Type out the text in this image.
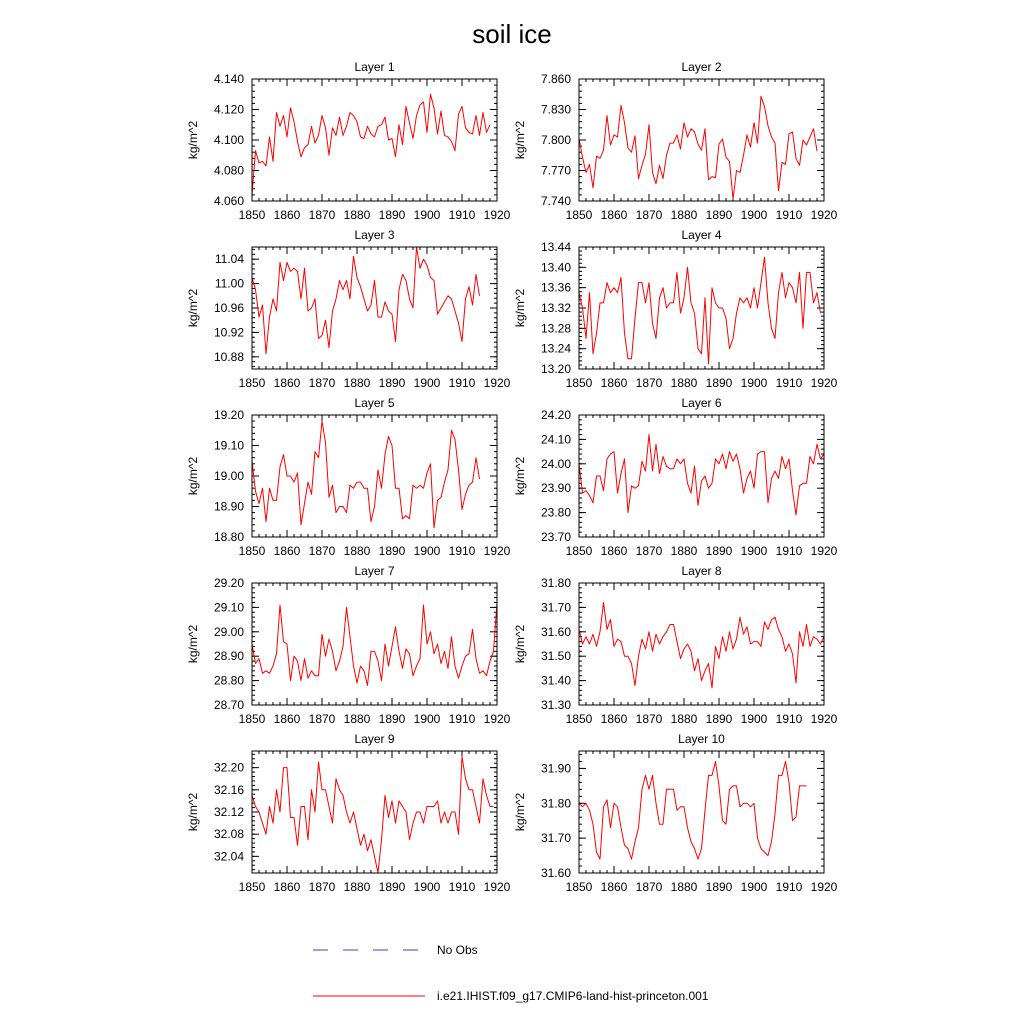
soil ice
Layer 1
kg/m^2
1850 1860 1870 1880 1890 1900 1910 1920
4.060
4.080
4.100
4.120
4.140
Layer 2
kg/m^2
1850 1860 1870 1880 1890 1900 1910 1920
7.740
7.770
7.800
7.830
7.860
Layer 3
kg/m^2
1850 1860 1870 1880 1890 1900 1910 1920
10.88
10.92
10.96
11.00
11.04
Layer 4
kg/m^2
1850 1860 1870 1880 1890 1900 1910 1920
13.20
13.24
13.28
13.32
13.36
13.40
13.44
Layer 5
kg/m^2
1850 1860 1870 1880 1890 1900 1910 1920
18.80
18.90
19.00
19.10
19.20
Layer 6
kg/m^2
1850 1860 1870 1880 1890 1900 1910 1920
23.70
23.80
23.90
24.00
24.10
24.20
Layer 7
kg/m^2
1850 1860 1870 1880 1890 1900 1910 1920
28.70
28.80
28.90
29.00
29.10
29.20
Layer 8
kg/m^2
1850 1860 1870 1880 1890 1900 1910 1920
31.30
31.40
31.50
31.60
31.70
31.80
Layer 9
kg/m^2
1850 1860 1870 1880 1890 1900 1910 1920
32.04
32.08
32.12
32.16
32.20
Layer 10
kg/m^2
1850 1860 1870 1880 1890 1900 1910 1920
31.60
31.70
31.80
31.90
No Obs
i.e21.IHIST.f09_g17.CMIP6-land-hist-princeton.001
